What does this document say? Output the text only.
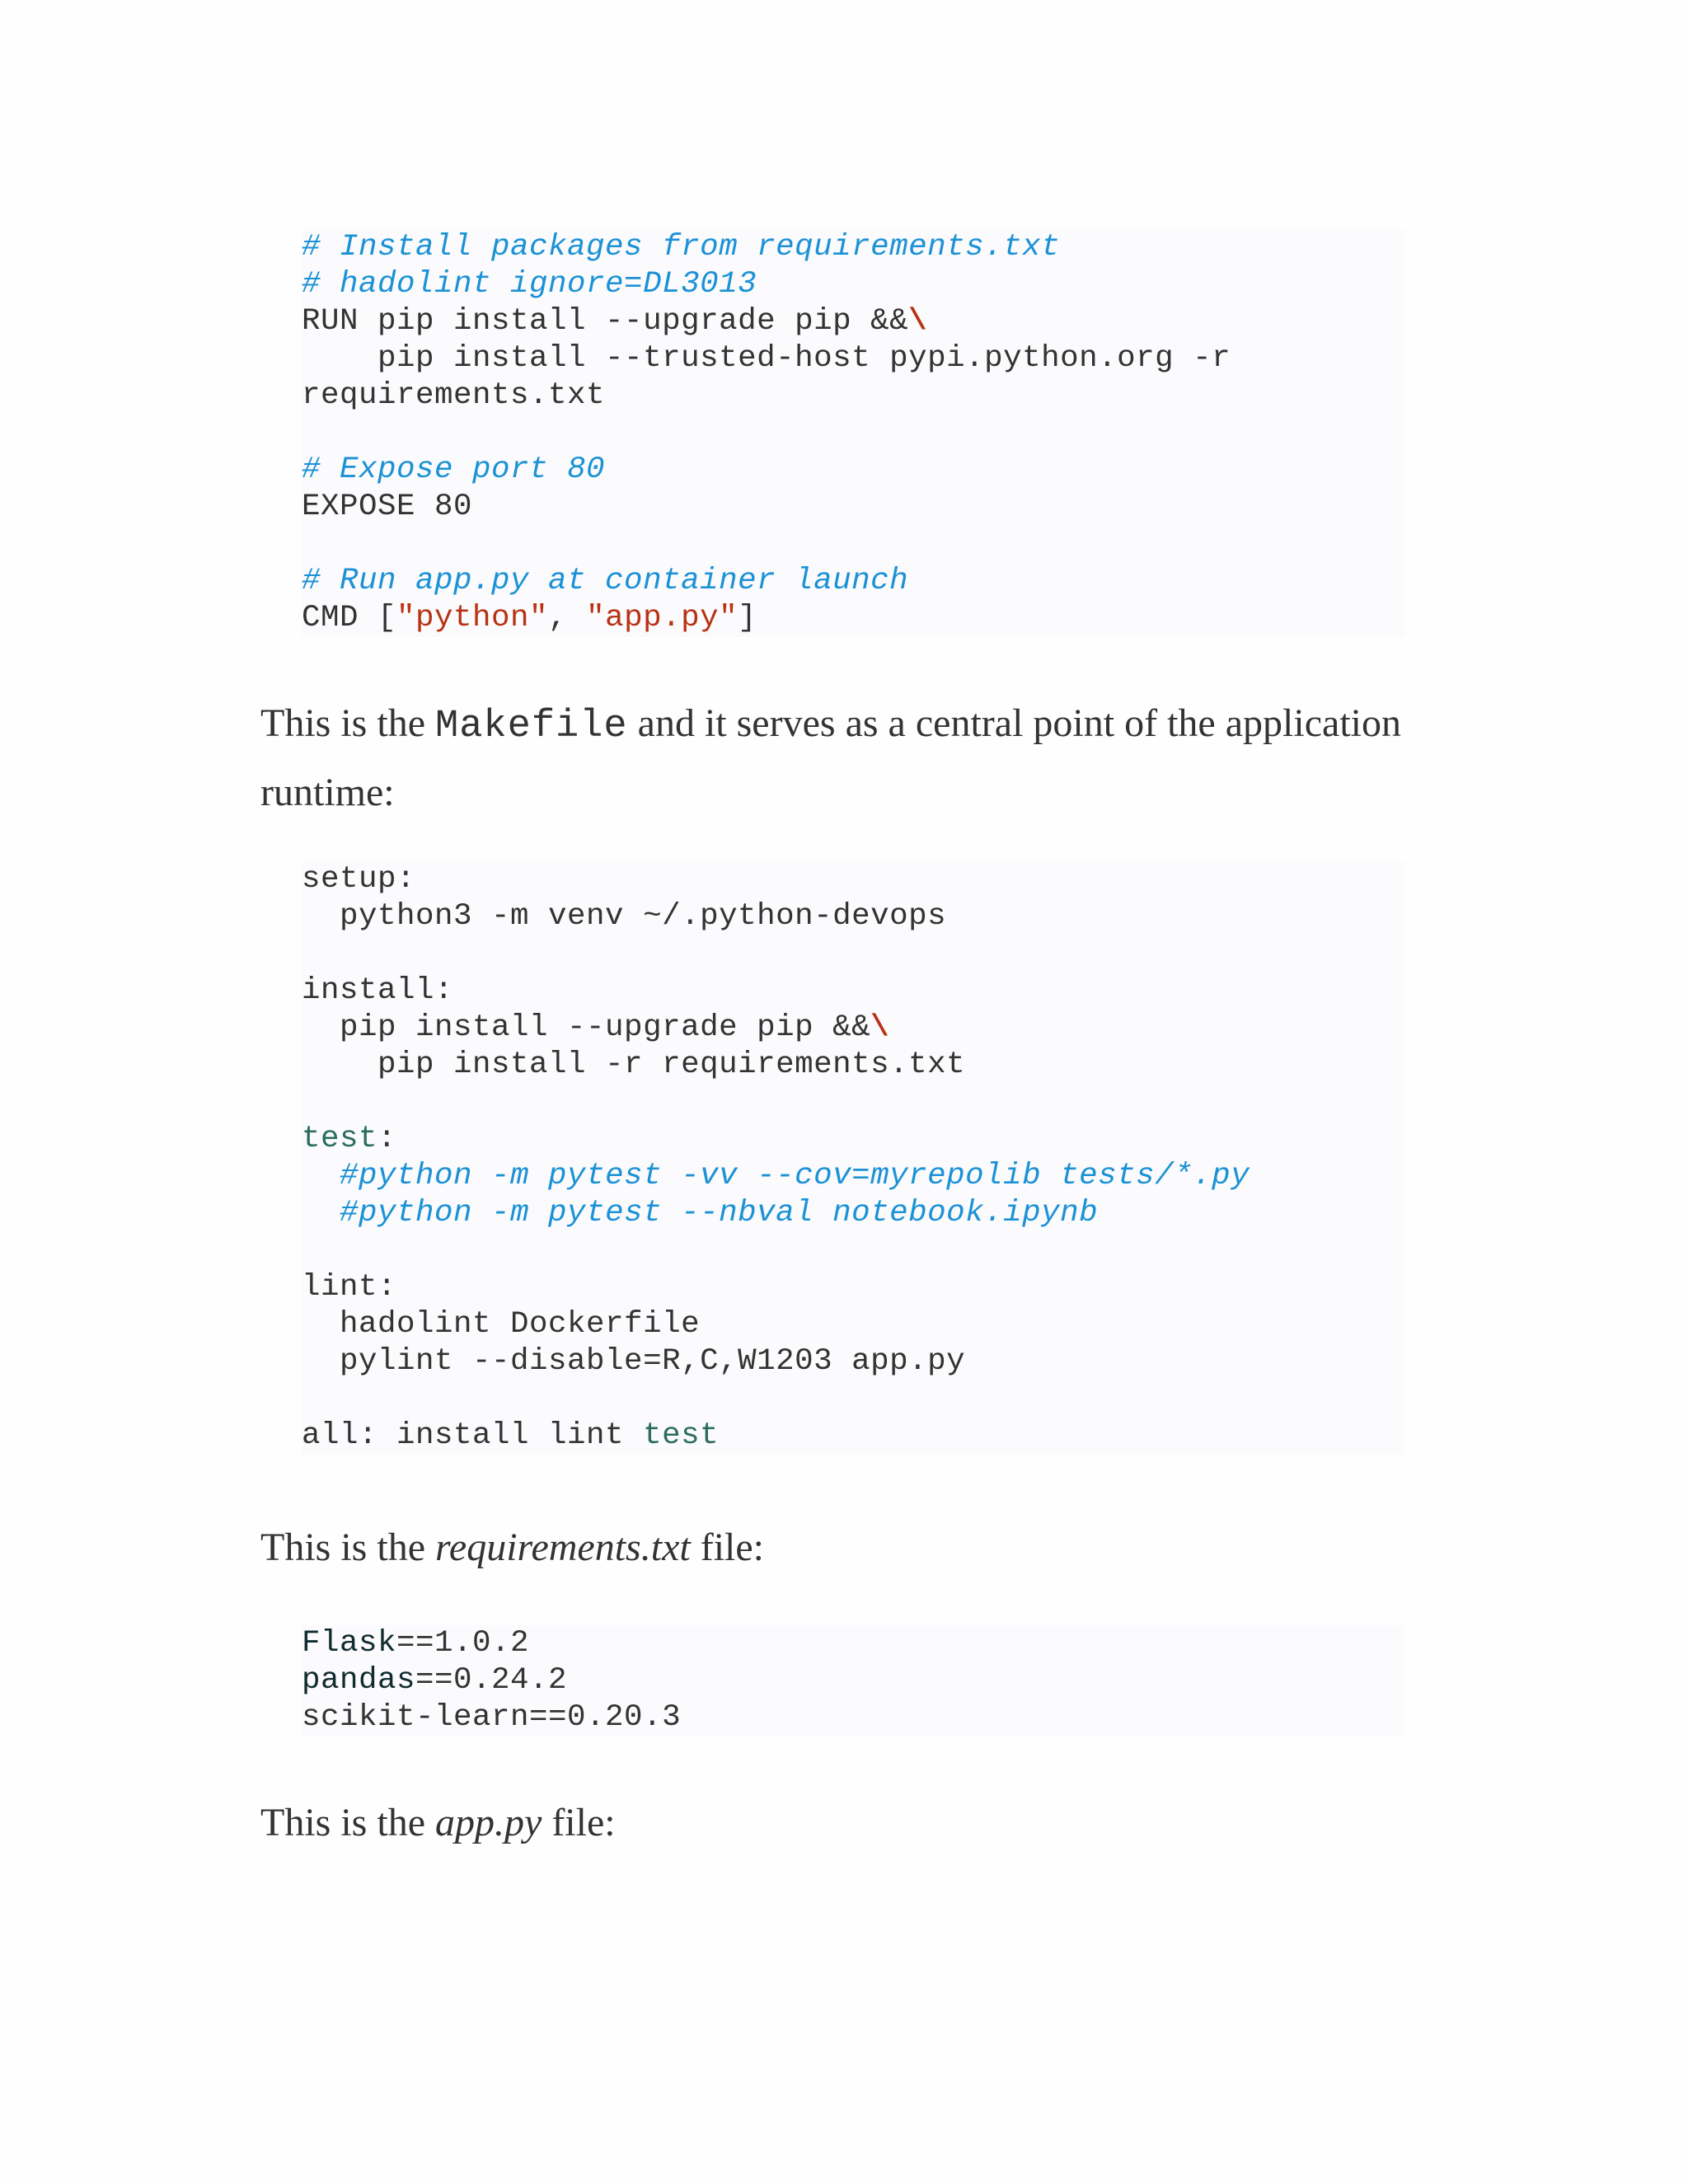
# Install packages from requirements.txt
# hadolint ignore=DL3013
RUN pip install --upgrade pip &&\
pip install --trusted-host pypi.python.org -r
requirements.txt
# Expose port 80
EXPOSE 80
# Run app.py at container launch
CMD ["python", "app.py"]
This is the Makefile and it serves as a central point of the application runtime:
setup:
python3 -m venv ~/.python-devops
install:
pip install --upgrade pip &&\
pip install -r requirements.txt
test:
#python -m pytest -vv --cov=myrepolib tests/*.py
#python -m pytest --nbval notebook.ipynb
lint:
hadolint Dockerfile
pylint --disable=R,C,W1203 app.py
all: install lint test
This is the requirements.txt file:
Flask==1.0.2
pandas==0.24.2
scikit-learn==0.20.3
This is the app.py file:
